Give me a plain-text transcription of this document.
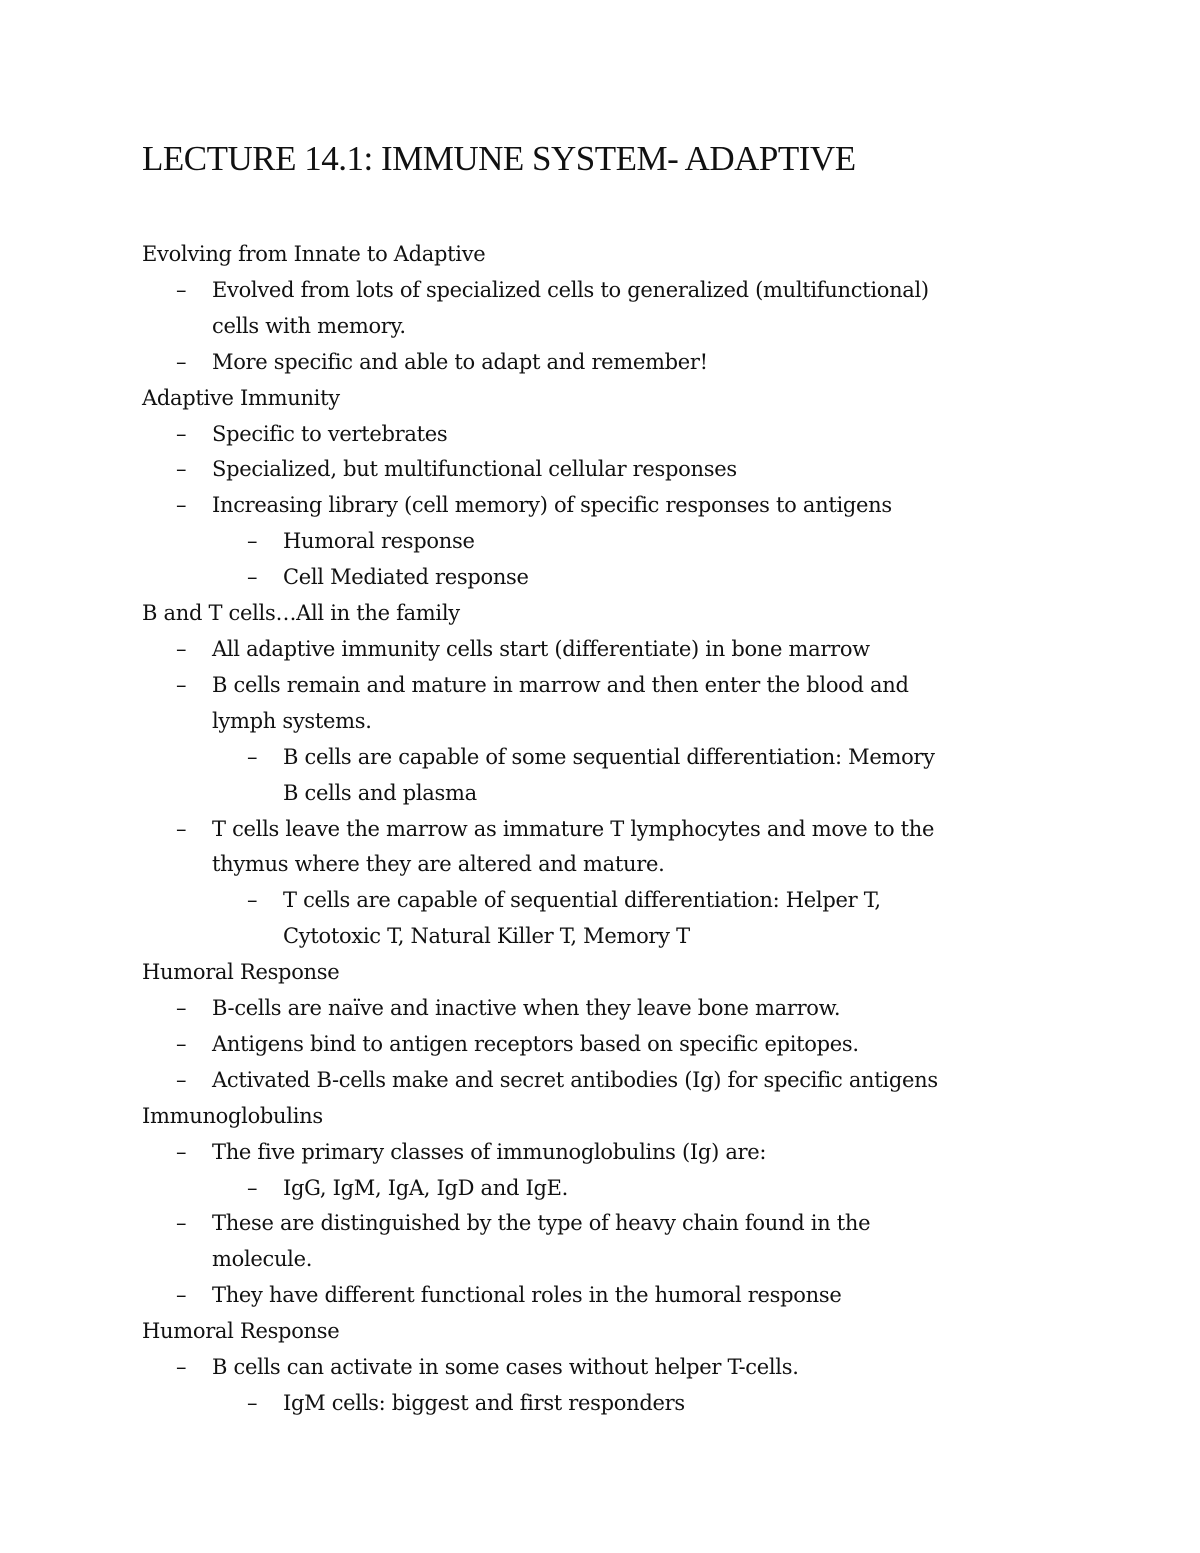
LECTURE 14.1: IMMUNE SYSTEM- ADAPTIVE
Evolving from Innate to Adaptive
– Evolved from lots of specialized cells to generalized (multifunctional)
cells with memory.
– More specific and able to adapt and remember!
Adaptive Immunity
– Specific to vertebrates
– Specialized, but multifunctional cellular responses
– Increasing library (cell memory) of specific responses to antigens
– Humoral response
– Cell Mediated response
B and T cells…All in the family
– All adaptive immunity cells start (differentiate) in bone marrow
– B cells remain and mature in marrow and then enter the blood and
lymph systems.
– B cells are capable of some sequential differentiation: Memory
B cells and plasma
– T cells leave the marrow as immature T lymphocytes and move to the
thymus where they are altered and mature.
– T cells are capable of sequential differentiation: Helper T,
Cytotoxic T, Natural Killer T, Memory T
Humoral Response
– B-cells are naïve and inactive when they leave bone marrow.
– Antigens bind to antigen receptors based on specific epitopes.
– Activated B-cells make and secret antibodies (Ig) for specific antigens
Immunoglobulins
– The five primary classes of immunoglobulins (Ig) are:
– IgG, IgM, IgA, IgD and IgE.
– These are distinguished by the type of heavy chain found in the
molecule.
– They have different functional roles in the humoral response
Humoral Response
– B cells can activate in some cases without helper T-cells.
– IgM cells: biggest and first responders
